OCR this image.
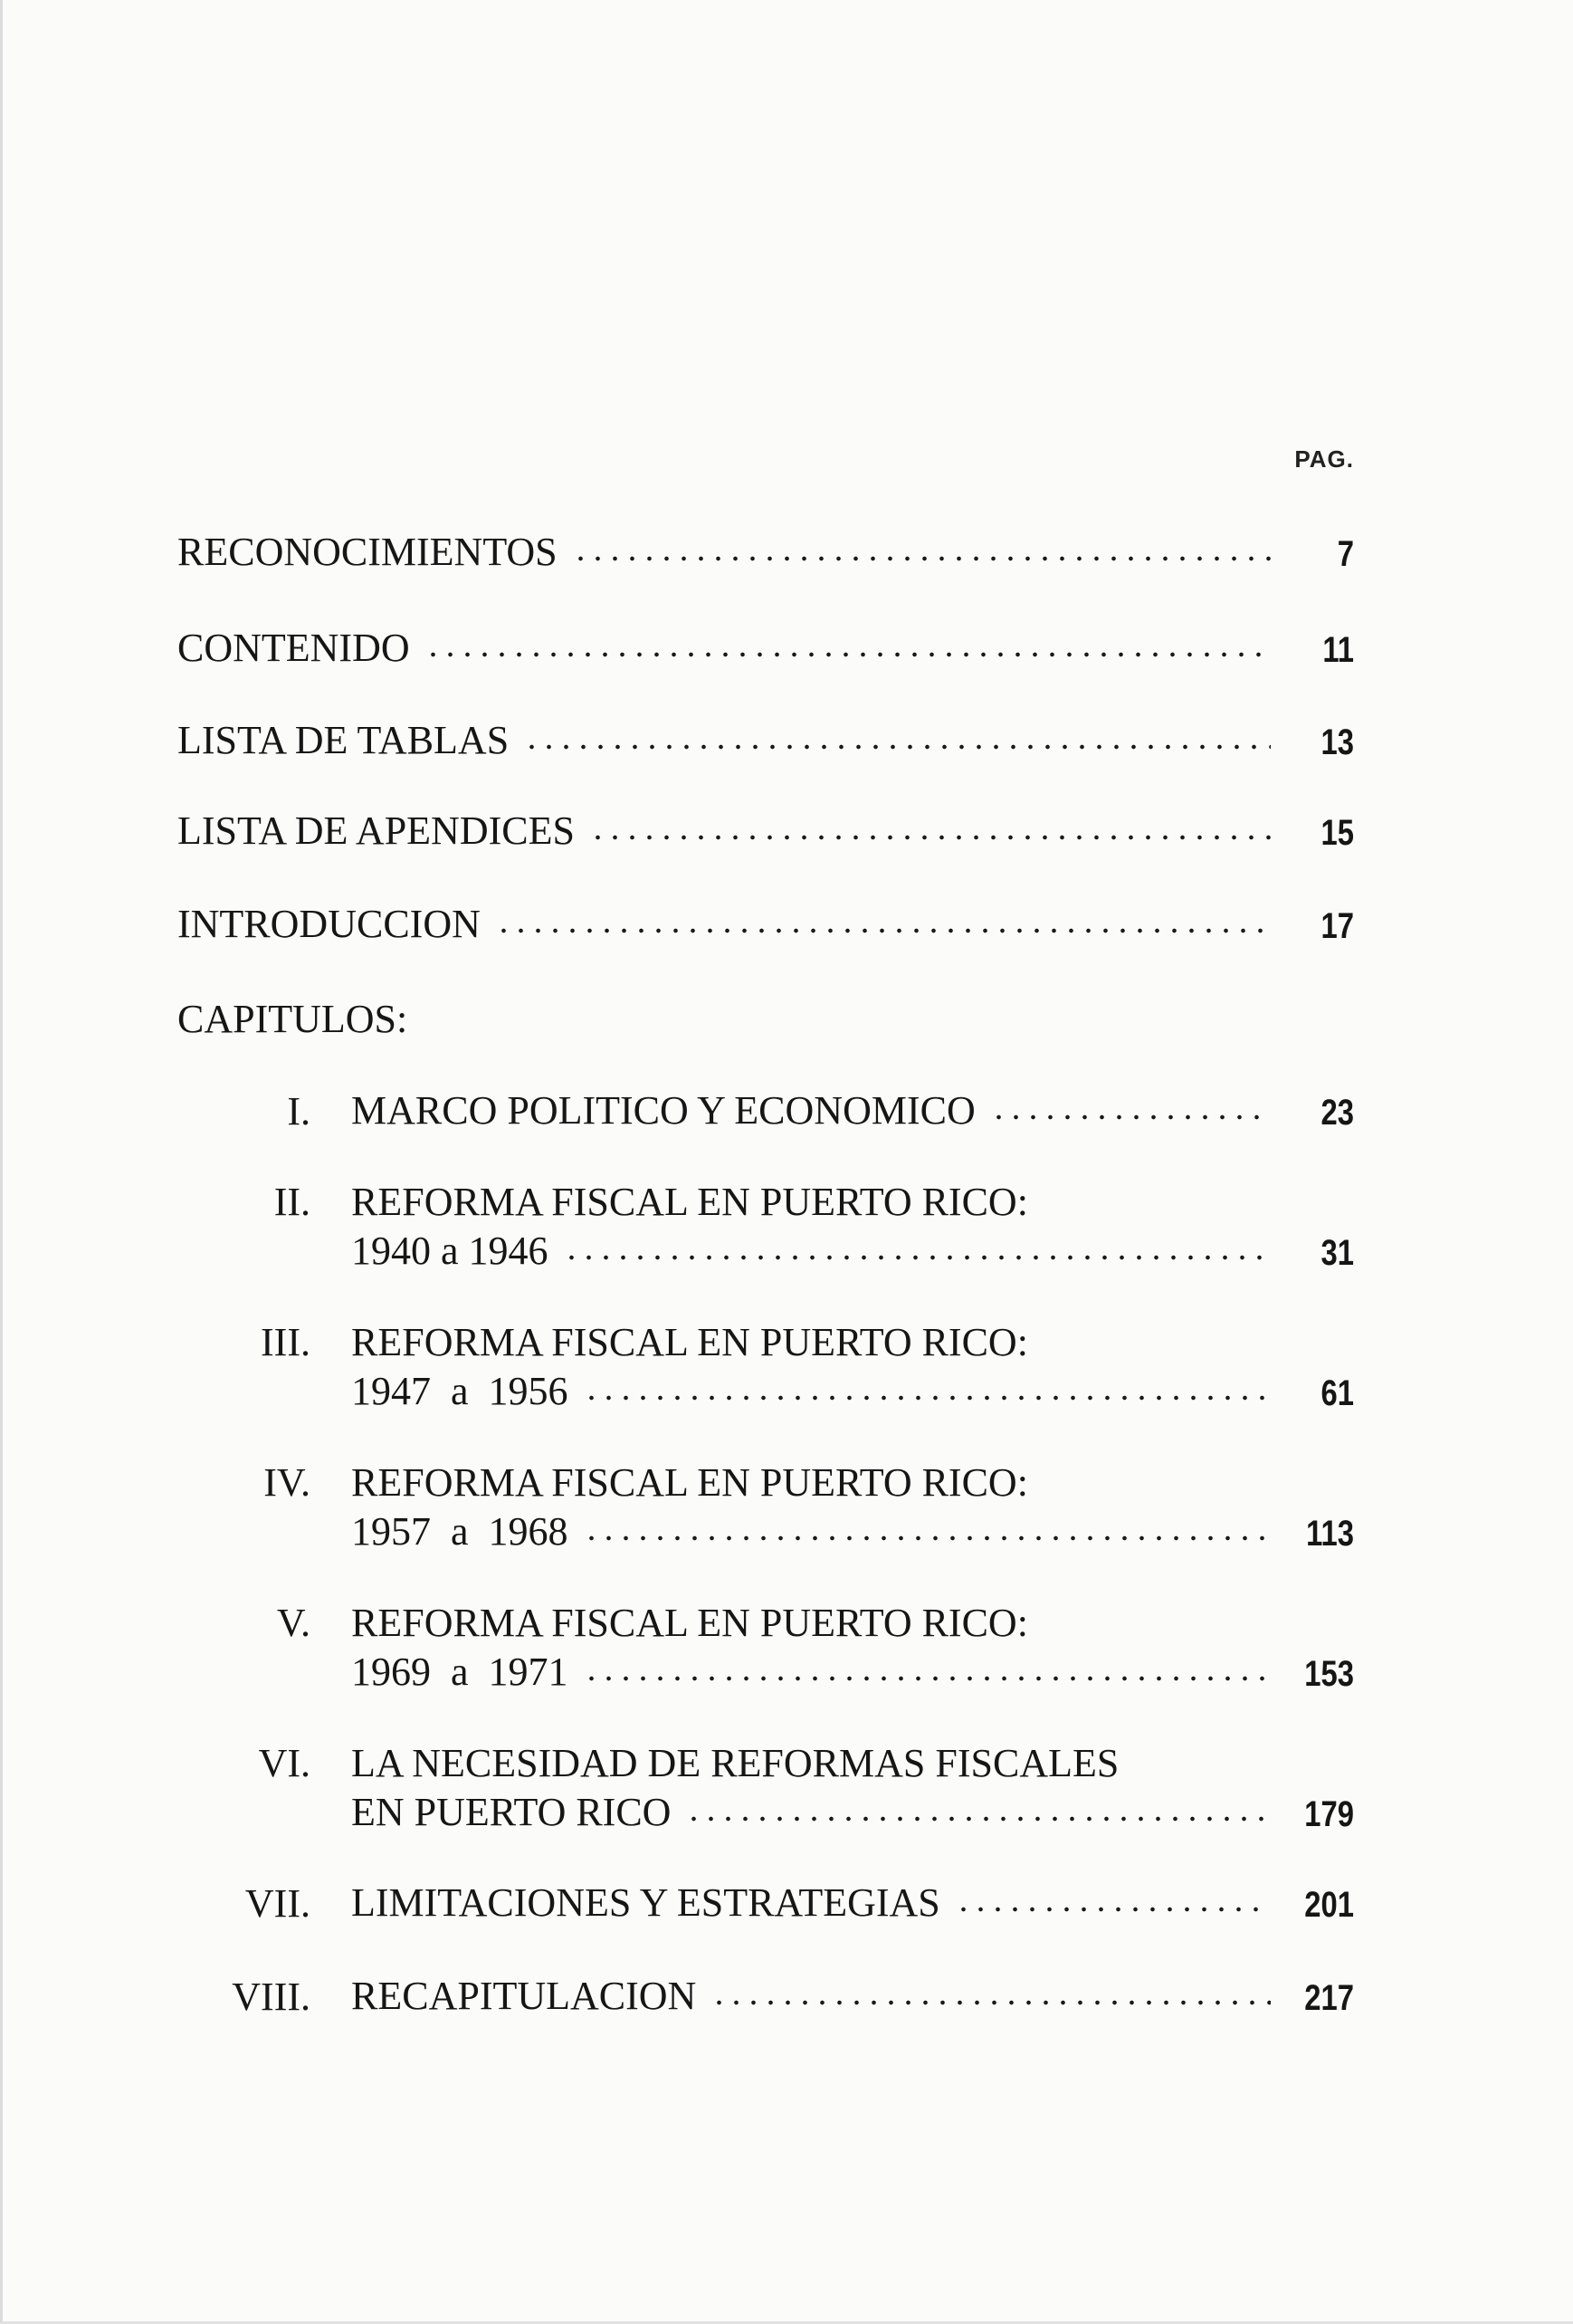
PAG.
RECONOCIMIENTOS	7
CONTENIDO	11
LISTA DE TABLAS	13
LISTA DE APENDICES	15
INTRODUCCION	17
CAPITULOS:
I. MARCO POLITICO Y ECONOMICO	23
II. REFORMA FISCAL EN PUERTO RICO:
1940 a 1946	31
III. REFORMA FISCAL EN PUERTO RICO:
1947  a  1956	61
IV. REFORMA FISCAL EN PUERTO RICO:
1957  a  1968	113
V. REFORMA FISCAL EN PUERTO RICO:
1969  a  1971	153
VI. LA NECESIDAD DE REFORMAS FISCALES
EN PUERTO RICO	179
VII. LIMITACIONES Y ESTRATEGIAS	201
VIII. RECAPITULACION	217
